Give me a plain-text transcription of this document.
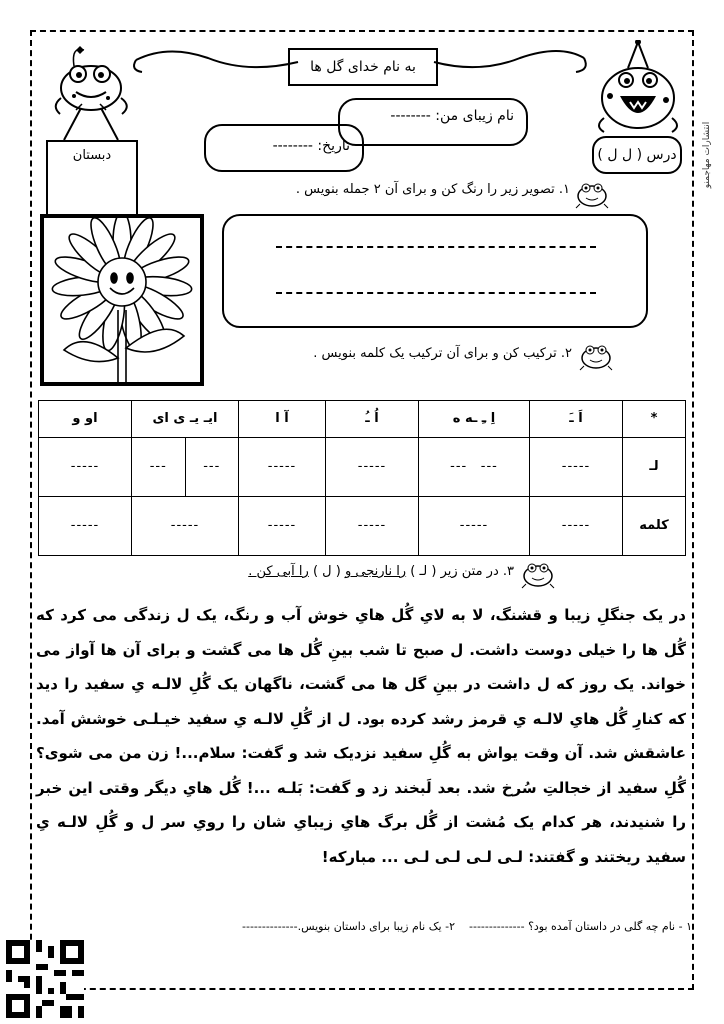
انتشارات مهاجمنو
دبستان
به نام خدای گل ها
نام زیبای من: --------
تاریخ: --------
درس ( ل ل )
١. تصویر زیر را رنگ کن و برای آن ٢ جمله بنویس .
٢. ترکیب کن و برای آن ترکیب یک کلمه بنویس .
*	اَ ـَ	اِ ـِ ـه ه	اُ ـُ	آ ا	ایـ یـ ی ای		او و
لـ	-----	---   ---	-----	-----	---	---	-----
کلمه	-----	-----	-----	-----	-----		-----
٣. در متن زیر ( لـ ) را نارنجی و ( ل ) را آبی کن .
در یک جنگلِ زیبا و قشنگ، لا به لایِ گُل هایِ خوش آب و رنگ، یک ل زندگی می کرد که گُل ها را خیلی دوست داشت. ل صبح تا شب بینِ گُل ها می گشت و برای آن ها آواز می خواند. یک روز که ل داشت در بینِ گل ها می گشت، ناگهان یک گُلِ لالـه یِ سفید را دید که کنارِ گُل هایِ لالـه یِ قرمز رشد کرده بود. ل از گُلِ لالـه یِ سفید خیـلـی خوشش آمد. عاشقش شد. آن وقت یواش به گُلِ سفید نزدیک شد و گفت: سلام...! زن من می شوی؟ گُلِ سفید از خجالتِ سُرخ شد. بعد لَبخند زد و گفت: بَلـه ...! گُل هایِ دیگر وقتی این خبر را شنیدند، هر کدام یک مُشت از گُل برگ هایِ زیبایِ شان را رویِ سر ل و گُلِ لالـه یِ سفید ریختند و گفتند: لـی لـی لـی لـی ... مبارکه!
١ - نام چه گلی در داستان آمده بود؟ --------------    ٢- یک نام زیبا برای داستان بنویس.--------------
